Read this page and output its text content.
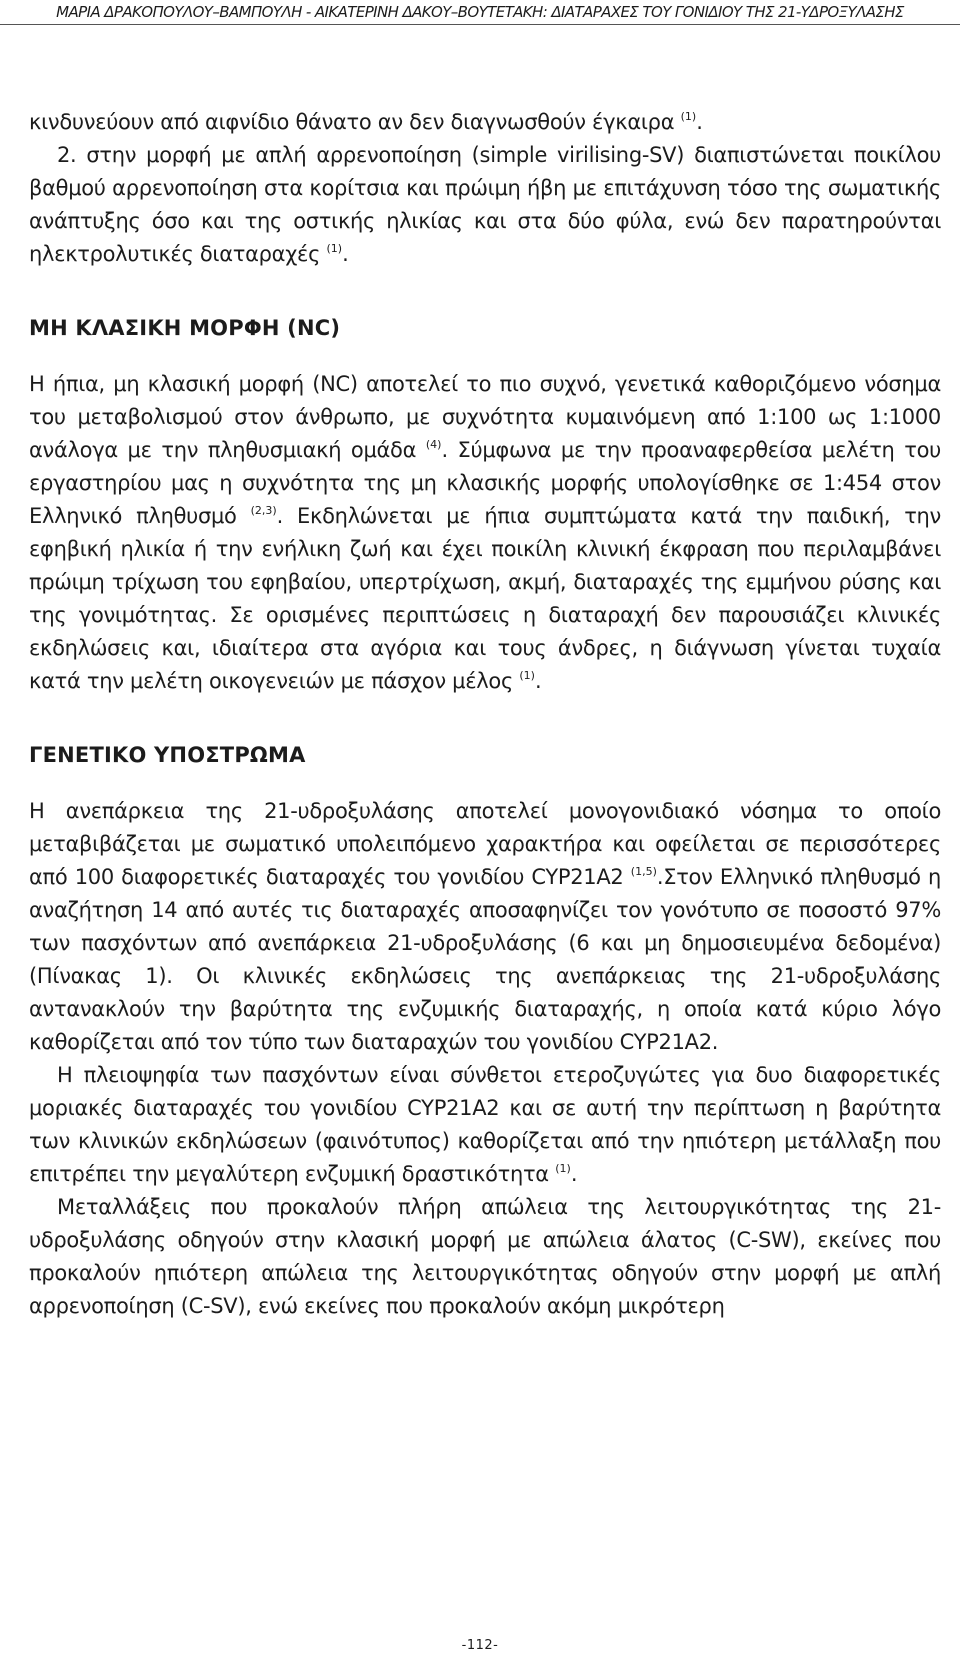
ΜΑΡΙΑ ΔΡΑΚΟΠΟΥΛΟΥ–ΒΑΜΠΟΥΛΗ - ΑΙΚΑΤΕΡΙΝΗ ΔΑΚΟΥ–ΒΟΥΤΕΤΑΚΗ: ΔΙΑΤΑΡΑΧΕΣ ΤΟΥ ΓΟΝΙΔΙΟΥ ΤΗΣ 21-ΥΔΡΟΞΥΛΑΣΗΣ

κινδυνεύουν από αιφνίδιο θάνατο αν δεν διαγνωσθούν έγκαιρα $^{(1)}$.

2. στην μορφή με απλή αρρενοποίηση (simple virilising-SV) διαπιστώνεται ποικίλου βαθμού αρρενοποίηση στα κορίτσια και πρώιμη ήβη με επιτάχυνση τόσο της σωματικής ανάπτυξης όσο και της οστικής ηλικίας και στα δύο φύλα, ενώ δεν παρατηρούνται ηλεκτρολυτικές διαταραχές $^{(1)}$.

ΜΗ ΚΛΑΣΙΚΗ ΜΟΡΦΗ (NC)

Η ήπια, μη κλασική μορφή (NC) αποτελεί το πιο συχνό, γενετικά καθοριζόμενο νόσημα του μεταβολισμού στον άνθρωπο, με συχνότητα κυμαινόμενη από 1:100 ως 1:1000 ανάλογα με την πληθυσμιακή ομάδα $^{(4)}$. Σύμφωνα με την προαναφερθείσα μελέτη του εργαστηρίου μας η συχνότητα της μη κλασικής μορφής υπολογίσθηκε σε 1:454 στον Ελληνικό πληθυσμό $^{(2,3)}$. Εκδηλώνεται με ήπια συμπτώματα κατά την παιδική, την εφηβική ηλικία ή την ενήλικη ζωή και έχει ποικίλη κλινική έκφραση που περιλαμβάνει πρώιμη τρίχωση του εφηβαίου, υπερτρίχωση, ακμή, διαταραχές της εμμήνου ρύσης και της γονιμότητας. Σε ορισμένες περιπτώσεις η διαταραχή δεν παρουσιάζει κλινικές εκδηλώσεις και, ιδιαίτερα στα αγόρια και τους άνδρες, η διάγνωση γίνεται τυχαία κατά την μελέτη οικογενειών με πάσχον μέλος $^{(1)}$.

ΓΕΝΕΤΙΚΟ ΥΠΟΣΤΡΩΜΑ

Η ανεπάρκεια της 21-υδροξυλάσης αποτελεί μονογονιδιακό νόσημα το οποίο μεταβιβάζεται με σωματικό υπολειπόμενο χαρακτήρα και οφείλεται σε περισσότερες από 100 διαφορετικές διαταραχές του γονιδίου CYP21A2 $^{(1,5)}$.Στον Ελληνικό πληθυσμό η αναζήτηση 14 από αυτές τις διαταραχές αποσαφηνίζει τον γονότυπο σε ποσοστό 97% των πασχόντων από ανεπάρκεια 21-υδροξυλάσης (6 και μη δημοσιευμένα δεδομένα) (Πίνακας 1). Οι κλινικές εκδηλώσεις της ανεπάρκειας της 21-υδροξυλάσης αντανακλούν την βαρύτητα της ενζυμικής διαταραχής, η οποία κατά κύριο λόγο καθορίζεται από τον τύπο των διαταραχών του γονιδίου CYP21A2.

Η πλειοψηφία των πασχόντων είναι σύνθετοι ετεροζυγώτες για δυο διαφορετικές μοριακές διαταραχές του γονιδίου CYP21A2 και σε αυτή την περίπτωση η βαρύτητα των κλινικών εκδηλώσεων (φαινότυπος) καθορίζεται από την ηπιότερη μετάλλαξη που επιτρέπει την μεγαλύτερη ενζυμική δραστικότητα $^{(1)}$.

Μεταλλάξεις που προκαλούν πλήρη απώλεια της λειτουργικότητας της 21-υδροξυλάσης οδηγούν στην κλασική μορφή με απώλεια άλατος (C-SW), εκείνες που προκαλούν ηπιότερη απώλεια της λειτουργικότητας οδηγούν στην μορφή με απλή αρρενοποίηση (C-SV), ενώ εκείνες που προκαλούν ακόμη μικρότερη

-112-
